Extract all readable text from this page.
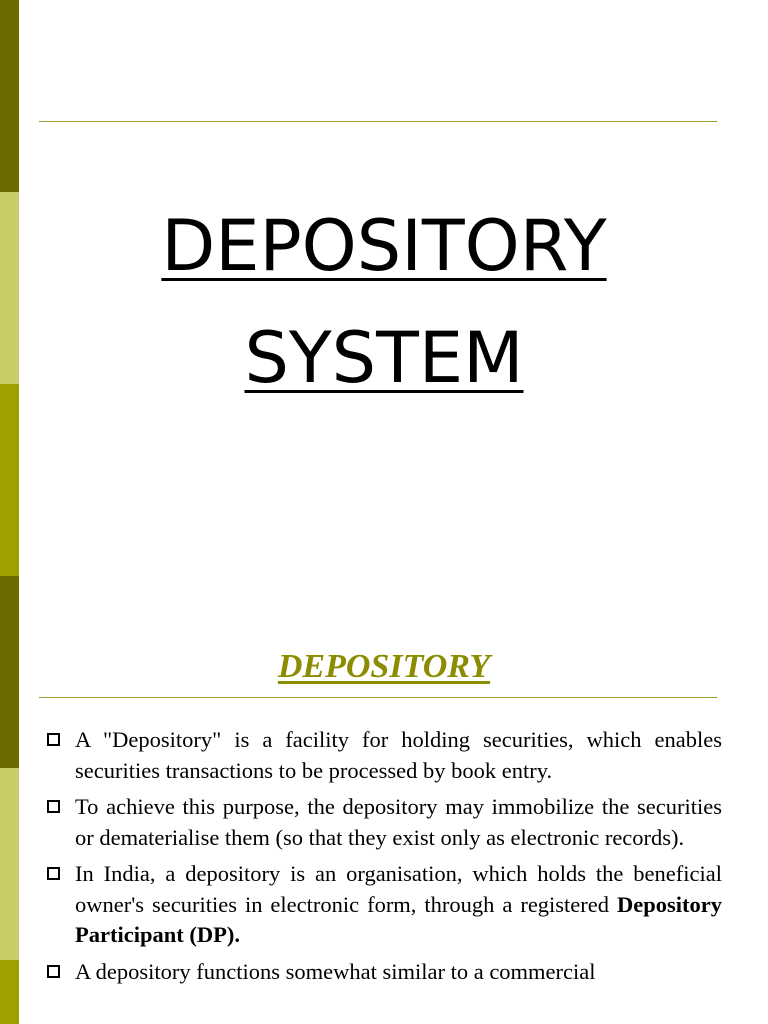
DEPOSITORY
SYSTEM
DEPOSITORY
A "Depository" is a facility for holding securities, which enables securities transactions to be processed by book entry.
To achieve this purpose, the depository may immobilize the securities or dematerialise them (so that they exist only as electronic records).
In India, a depository is an organisation, which holds the beneficial owner's securities in electronic form, through a registered Depository Participant (DP).
A depository functions somewhat similar to a commercial
